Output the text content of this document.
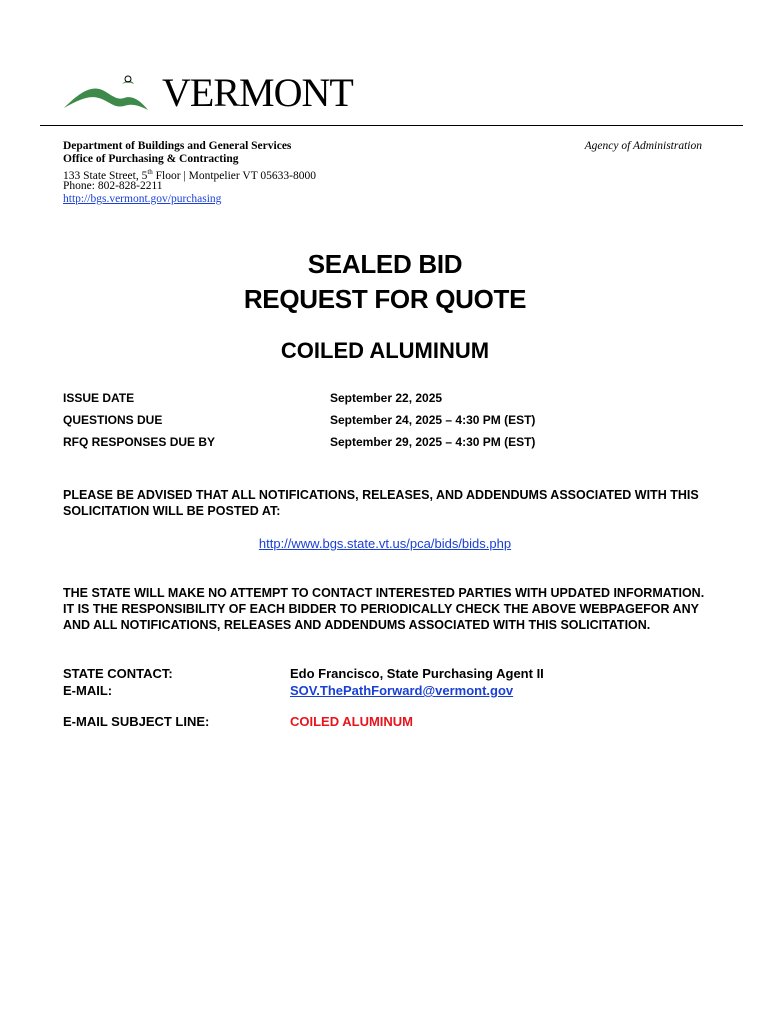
VERMONT
Department of Buildings and General Services
Office of Purchasing & Contracting
133 State Street, 5th Floor | Montpelier VT 05633-8000
Phone: 802-828-2211
http://bgs.vermont.gov/purchasing
Agency of Administration
SEALED BID
REQUEST FOR QUOTE
COILED ALUMINUM
ISSUE DATE	September 22, 2025
QUESTIONS DUE	September 24, 2025 – 4:30 PM (EST)
RFQ RESPONSES DUE BY	September 29, 2025 – 4:30 PM (EST)
PLEASE BE ADVISED THAT ALL NOTIFICATIONS, RELEASES, AND ADDENDUMS ASSOCIATED WITH THIS SOLICITATION WILL BE POSTED AT:
http://www.bgs.state.vt.us/pca/bids/bids.php
THE STATE WILL MAKE NO ATTEMPT TO CONTACT INTERESTED PARTIES WITH UPDATED INFORMATION. IT IS THE RESPONSIBILITY OF EACH BIDDER TO PERIODICALLY CHECK THE ABOVE WEBPAGEFOR ANY AND ALL NOTIFICATIONS, RELEASES AND ADDENDUMS ASSOCIATED WITH THIS SOLICITATION.
STATE CONTACT:	Edo Francisco, State Purchasing Agent II
E-MAIL:	SOV.ThePathForward@vermont.gov
E-MAIL SUBJECT LINE:	COILED ALUMINUM
